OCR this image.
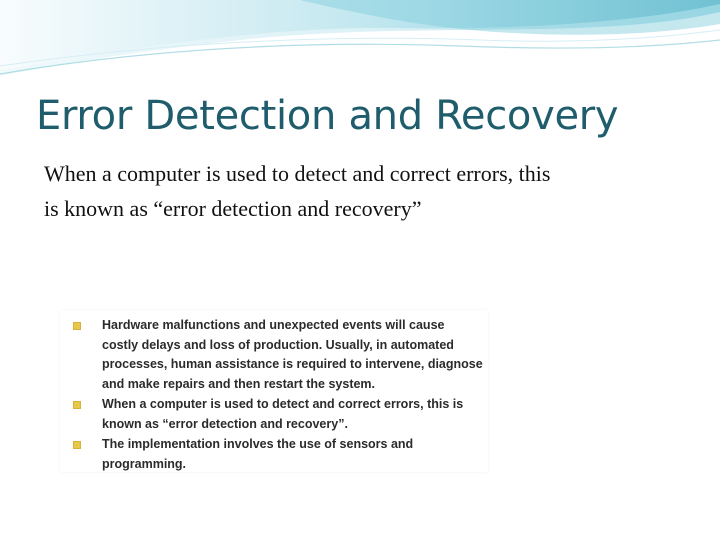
Error Detection and Recovery

When a computer is used to detect and correct errors, this is known as “error detection and recovery”

Hardware malfunctions and unexpected events will cause costly delays and loss of production. Usually, in automated processes, human assistance is required to intervene, diagnose and make repairs and then restart the system.
When a computer is used to detect and correct errors, this is known as “error detection and recovery”.
The implementation involves the use of sensors and programming.
